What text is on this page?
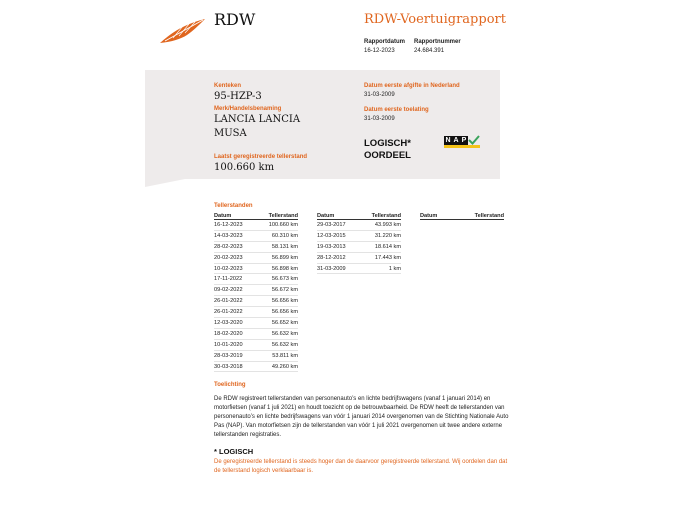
RDW	RDW-Voertuigrapport
Rapportdatum
16-12-2023
Rapportnummer
24.684.391
Kenteken
95-HZP-3
Merk/Handelsbenaming
LANCIA LANCIA
MUSA
Laatst geregistreerde tellerstand
100.660 km
Datum eerste afgifte in Nederland
31-03-2009
Datum eerste toelating
31-03-2009
LOGISCH*
OORDEEL
N A P
Tellerstanden
Datum	Tellerstand
16-12-2023	100.660 km
14-03-2023	60.310 km
28-02-2023	58.131 km
20-02-2023	56.899 km
10-02-2023	56.898 km
17-11-2022	56.673 km
09-02-2022	56.672 km
26-01-2022	56.656 km
26-01-2022	56.656 km
12-03-2020	56.652 km
18-02-2020	56.632 km
10-01-2020	56.632 km
28-03-2019	53.811 km
30-03-2018	49.260 km
Datum	Tellerstand
29-03-2017	43.993 km
12-03-2015	31.220 km
19-03-2013	18.614 km
28-12-2012	17.443 km
31-03-2009	1 km
Datum	Tellerstand
Toelichting
De RDW registreert tellerstanden van personenauto’s en lichte bedrijfswagens (vanaf 1 januari 2014) en motorfietsen (vanaf 1 juli 2021) en houdt toezicht op de betrouwbaarheid. De RDW heeft de tellerstanden van personenauto’s en lichte bedrijfswagens van vóór 1 januari 2014 overgenomen van de Stichting Nationale Auto Pas (NAP). Van motorfietsen zijn de tellerstanden van vóór 1 juli 2021 overgenomen uit twee andere externe tellerstanden registraties.
* LOGISCH
De geregistreerde tellerstand is steeds hoger dan de daarvoor geregistreerde tellerstand. Wij oordelen dan dat de tellerstand logisch verklaarbaar is.
